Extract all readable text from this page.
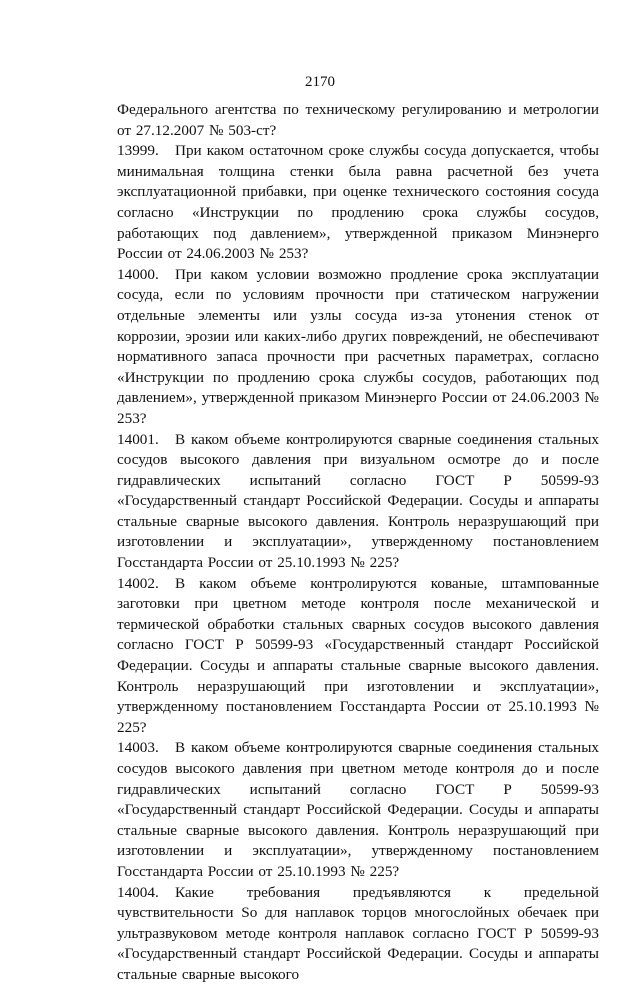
2170

Федерального агентства по техническому регулированию и метрологии от 27.12.2007 № 503-ст?

13999. При каком остаточном сроке службы сосуда допускается, чтобы минимальная толщина стенки была равна расчетной без учета эксплуатационной прибавки, при оценке технического состояния сосуда согласно «Инструкции по продлению срока службы сосудов, работающих под давлением», утвержденной приказом Минэнерго России от 24.06.2003 № 253?

14000. При каком условии возможно продление срока эксплуатации сосуда, если по условиям прочности при статическом нагружении отдельные элементы или узлы сосуда из-за утонения стенок от коррозии, эрозии или каких-либо других повреждений, не обеспечивают нормативного запаса прочности при расчетных параметрах, согласно «Инструкции по продлению срока службы сосудов, работающих под давлением», утвержденной приказом Минэнерго России от 24.06.2003 № 253?

14001. В каком объеме контролируются сварные соединения стальных сосудов высокого давления при визуальном осмотре до и после гидравлических испытаний согласно ГОСТ Р 50599-93 «Государственный стандарт Российской Федерации. Сосуды и аппараты стальные сварные высокого давления. Контроль неразрушающий при изготовлении и эксплуатации», утвержденному постановлением Госстандарта России от 25.10.1993 № 225?

14002. В каком объеме контролируются кованые, штампованные заготовки при цветном методе контроля после механической и термической обработки стальных сварных сосудов высокого давления согласно ГОСТ Р 50599-93 «Государственный стандарт Российской Федерации. Сосуды и аппараты стальные сварные высокого давления. Контроль неразрушающий при изготовлении и эксплуатации», утвержденному постановлением Госстандарта России от 25.10.1993 № 225?

14003. В каком объеме контролируются сварные соединения стальных сосудов высокого давления при цветном методе контроля до и после гидравлических испытаний согласно ГОСТ Р 50599-93 «Государственный стандарт Российской Федерации. Сосуды и аппараты стальные сварные высокого давления. Контроль неразрушающий при изготовлении и эксплуатации», утвержденному постановлением Госстандарта России от 25.10.1993 № 225?

14004. Какие требования предъявляются к предельной чувствительности So для наплавок торцов многослойных обечаек при ультразвуковом методе контроля наплавок согласно ГОСТ Р 50599-93 «Государственный стандарт Российской Федерации. Сосуды и аппараты стальные сварные высокого
